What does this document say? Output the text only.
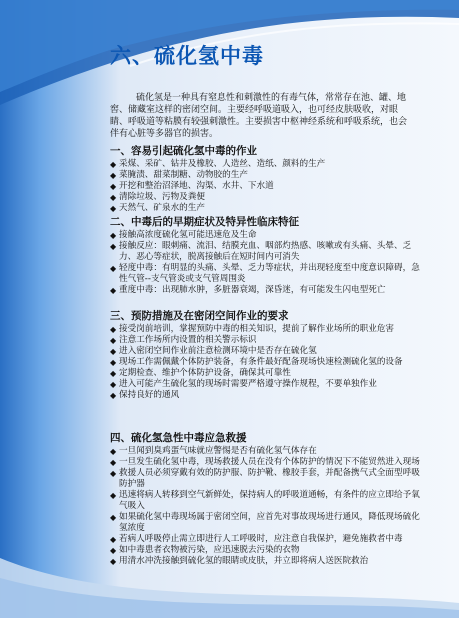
六、硫化氢中毒
硫化氢是一种具有窒息性和刺激性的有毒气体，常常存在池、罐、地窖、储藏室这样的密闭空间。主要经呼吸道吸入，也可经皮肤吸收，对眼睛、呼吸道等粘膜有较强刺激性。主要损害中枢神经系统和呼吸系统，也会伴有心脏等多器官的损害。
一、容易引起硫化氢中毒的作业
◆ 采煤、采矿、钻井及橡胶、人造丝、造纸、颜料的生产
◆ 菜腌渍、甜菜制糖、动物胶的生产
◆ 开挖和整治沼泽地、沟渠、水井、下水道
◆ 清除垃圾、污物及粪便
◆ 天然气、矿泉水的生产
二、中毒后的早期症状及特异性临床特征
◆ 接触高浓度硫化氢可能迅速危及生命
◆ 接触反应：眼刺痛、流泪、结膜充血、咽部灼热感、咳嗽或有头痛、头晕、乏力、恶心等症状，脱离接触后在短时间内可消失
◆ 轻度中毒：有明显的头痛、头晕、乏力等症状，并出现轻度至中度意识障碍，急性气管--支气管炎或支气管周围炎
◆ 重度中毒：出现肺水肿，多脏器衰竭，深昏迷，有可能发生闪电型死亡
三、预防措施及在密闭空间作业的要求
◆ 接受岗前培训，掌握预防中毒的相关知识，提前了解作业场所的职业危害
◆ 注意工作场所内设置的相关警示标识
◆ 进入密闭空间作业前注意检测环境中是否存在硫化氢
◆ 现场工作需佩戴个体防护装备，有条件最好配备现场快速检测硫化氢的设备
◆ 定期检查、维护个体防护设备，确保其可靠性
◆ 进入可能产生硫化氢的现场时需要严格遵守操作规程，不要单独作业
◆ 保持良好的通风
四、硫化氢急性中毒应急救援
◆ 一旦闻到臭鸡蛋气味就应警惕是否有硫化氢气体存在
◆ 一旦发生硫化氢中毒，现场救援人员在没有个体防护的情况下不能贸然进入现场
◆ 救援人员必须穿戴有效的防护服、防护靴、橡胶手套，并配备携气式全面型呼吸防护器
◆ 迅速将病人转移到空气新鲜处，保持病人的呼吸道通畅，有条件的应立即给予氧气吸入
◆ 如果硫化氢中毒现场属于密闭空间，应首先对事故现场进行通风，降低现场硫化氢浓度
◆ 若病人呼吸停止需立即进行人工呼吸时，应注意自我保护，避免施救者中毒
◆ 如中毒患者衣物被污染，应迅速脱去污染的衣物
◆ 用清水冲洗接触到硫化氢的眼睛或皮肤，并立即将病人送医院救治
